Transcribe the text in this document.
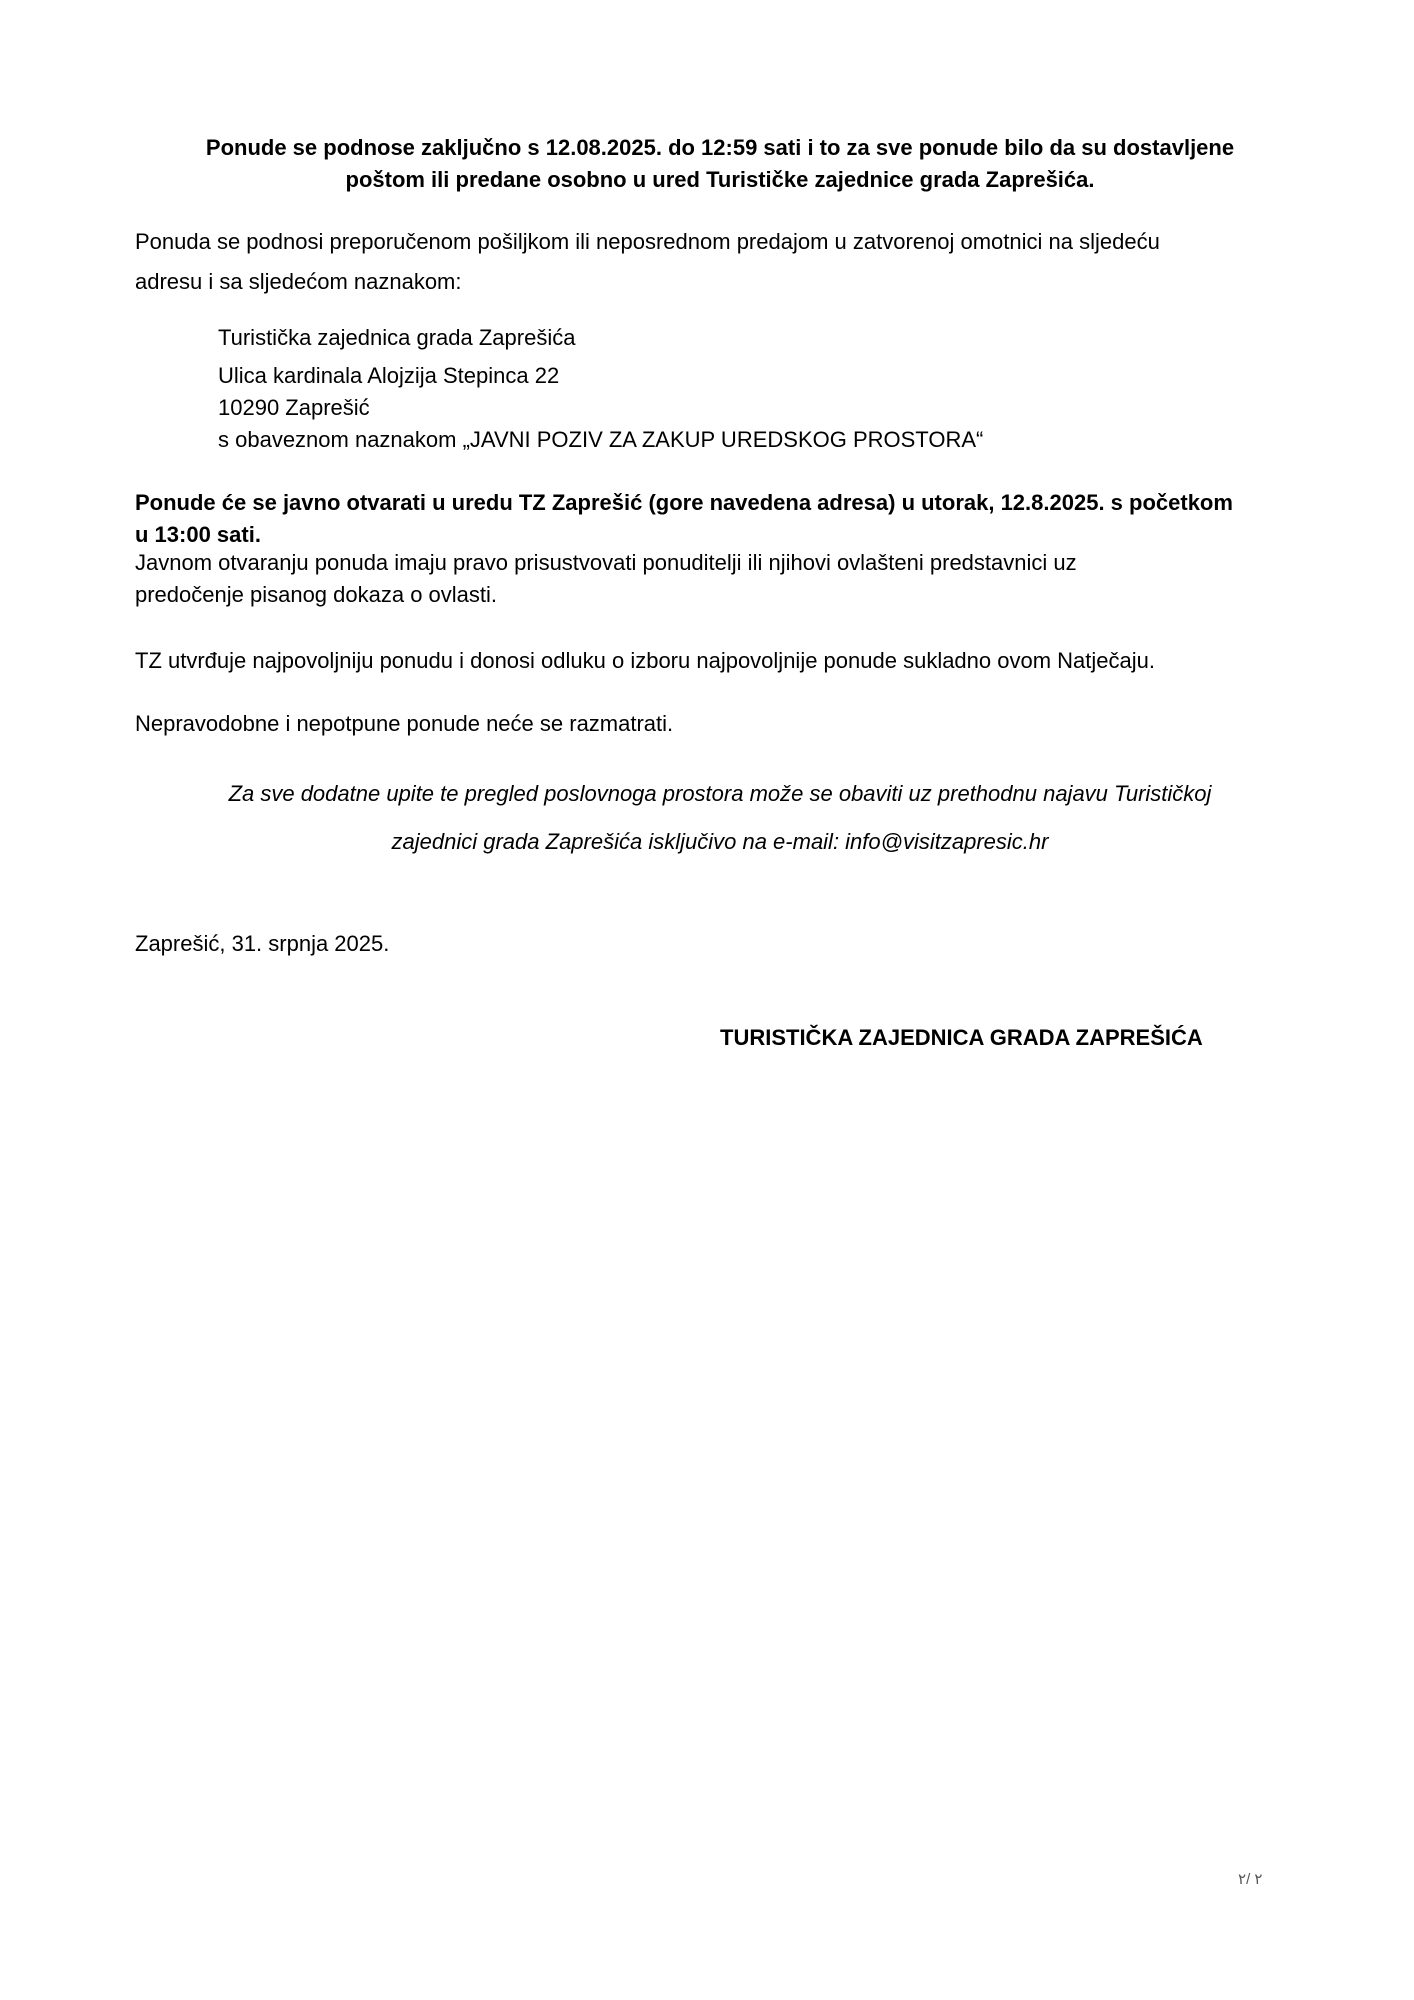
Ponude se podnose zaključno s 12.08.2025. do 12:59 sati i to za sve ponude bilo da su dostavljene
poštom ili predane osobno u ured Turističke zajednice grada Zaprešića.
Ponuda se podnosi preporučenom pošiljkom ili neposrednom predajom u zatvorenoj omotnici na sljedeću
adresu i sa sljedećom naznakom:
Turistička zajednica grada Zaprešića
Ulica kardinala Alojzija Stepinca 22
10290 Zaprešić
s obaveznom naznakom „JAVNI POZIV ZA ZAKUP UREDSKOG PROSTORA“
Ponude će se javno otvarati u uredu TZ Zaprešić (gore navedena adresa) u utorak, 12.8.2025. s početkom
u 13:00 sati.
Javnom otvaranju ponuda imaju pravo prisustvovati ponuditelji ili njihovi ovlašteni predstavnici uz
predočenje pisanog dokaza o ovlasti.
TZ utvrđuje najpovoljniju ponudu i donosi odluku o izboru najpovoljnije ponude sukladno ovom Natječaju.
Nepravodobne i nepotpune ponude neće se razmatrati.
Za sve dodatne upite te pregled poslovnoga prostora može se obaviti uz prethodnu najavu Turističkoj
zajednici grada Zaprešića isključivo na e-mail: info@visitzapresic.hr
Zaprešić, 31. srpnja 2025.
TURISTIČKA ZAJEDNICA GRADA ZAPREŠIĆA
٢ /٢
